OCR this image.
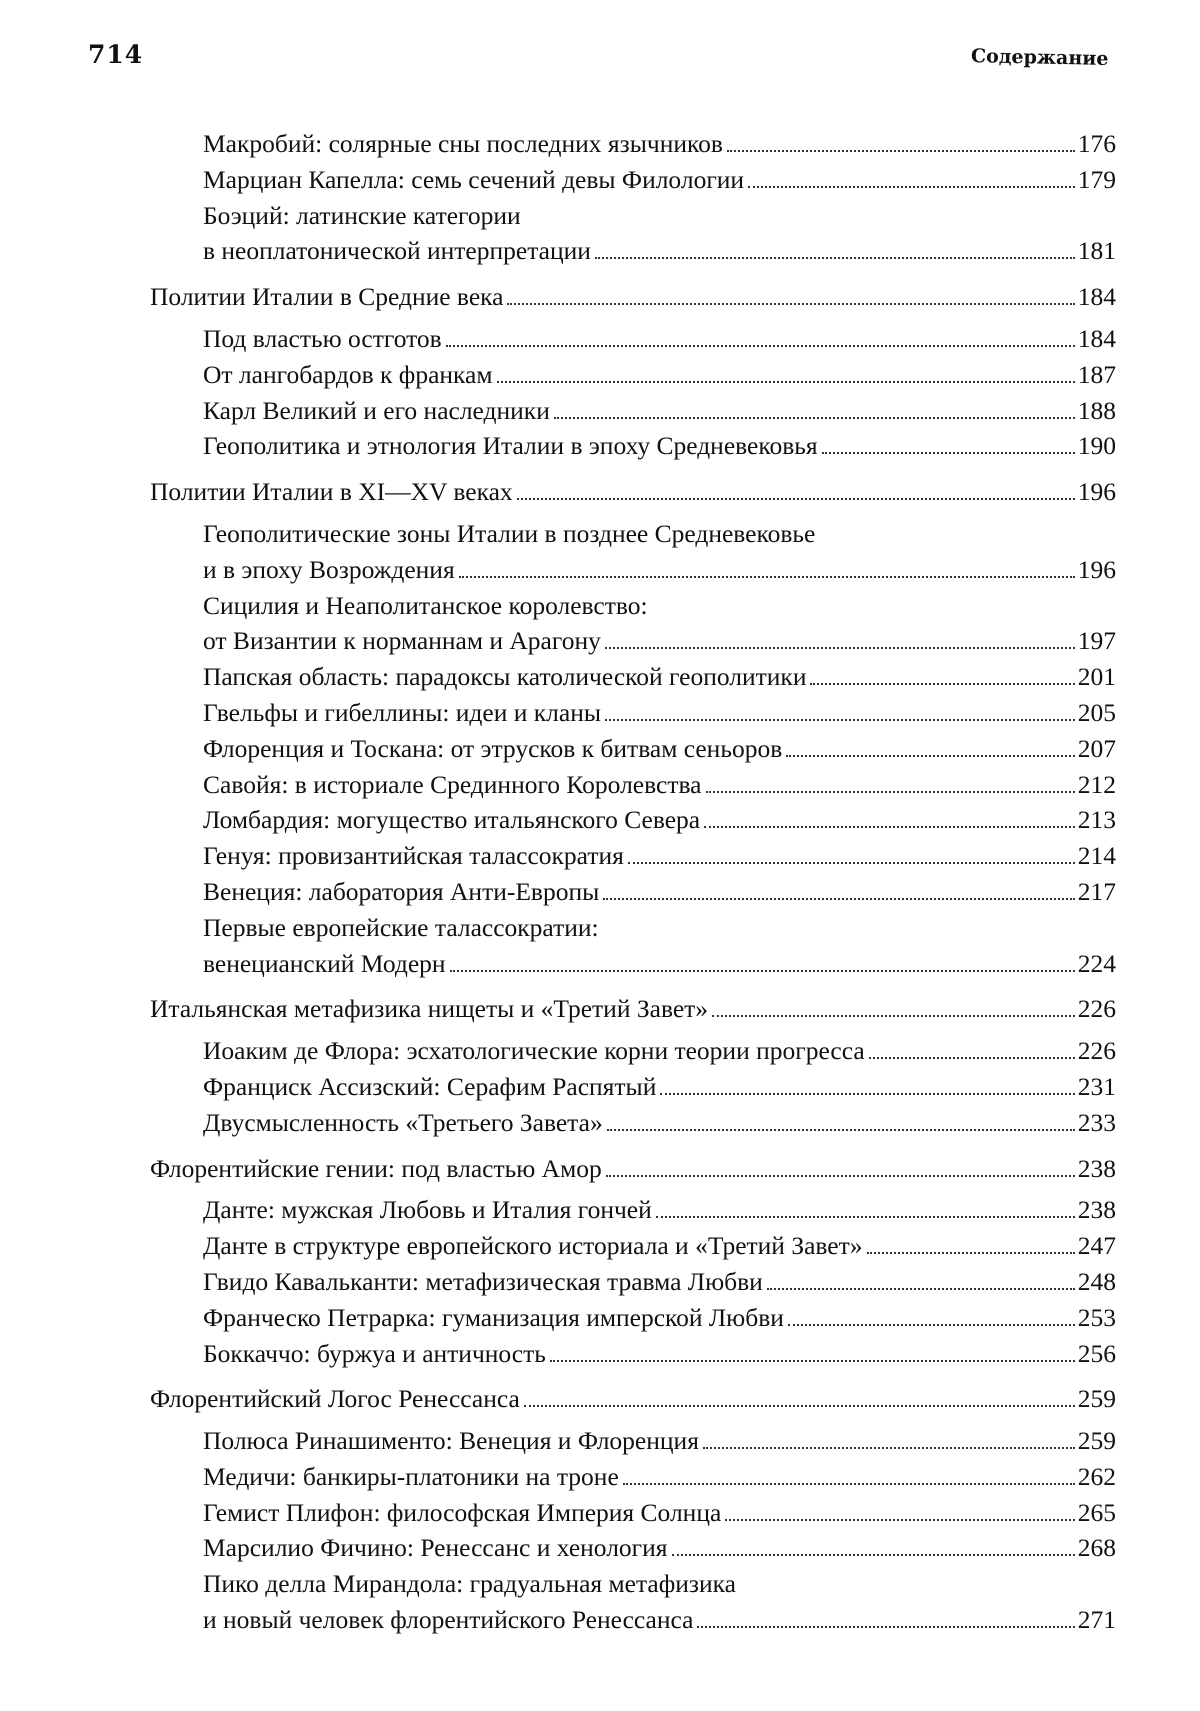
714	Содержание
Макробий: солярные сны последних язычников	176
Марциан Капелла: семь сечений девы Филологии	179
Боэций: латинские категории
в неоплатонической интерпретации	181
Политии Италии в Средние века	184
Под властью остготов	184
От лангобардов к франкам	187
Карл Великий и его наследники	188
Геополитика и этнология Италии в эпоху Средневековья	190
Политии Италии в XI—XV веках	196
Геополитические зоны Италии в позднее Средневековье
и в эпоху Возрождения	196
Сицилия и Неаполитанское королевство:
от Византии к норманнам и Арагону	197
Папская область: парадоксы католической геополитики	201
Гвельфы и гибеллины: идеи и кланы	205
Флоренция и Тоскана: от этрусков к битвам сеньоров	207
Савойя: в историале Срединного Королевства	212
Ломбардия: могущество итальянского Севера	213
Генуя: провизантийская талассократия	214
Венеция: лаборатория Анти-Европы	217
Первые европейские талассократии:
венецианский Модерн	224
Итальянская метафизика нищеты и «Третий Завет»	226
Иоаким де Флора: эсхатологические корни теории прогресса	226
Франциск Ассизский: Серафим Распятый	231
Двусмысленность «Третьего Завета»	233
Флорентийские гении: под властью Амор	238
Данте: мужская Любовь и Италия гончей	238
Данте в структуре европейского историала и «Третий Завет»	247
Гвидо Кавальканти: метафизическая травма Любви	248
Франческо Петрарка: гуманизация имперской Любви	253
Боккаччо: буржуа и античность	256
Флорентийский Логос Ренессанса	259
Полюса Ринашименто: Венеция и Флоренция	259
Медичи: банкиры-платоники на троне	262
Гемист Плифон: философская Империя Солнца	265
Марсилио Фичино: Ренессанс и хенология	268
Пико делла Мирандола: градуальная метафизика
и новый человек флорентийского Ренессанса	271
